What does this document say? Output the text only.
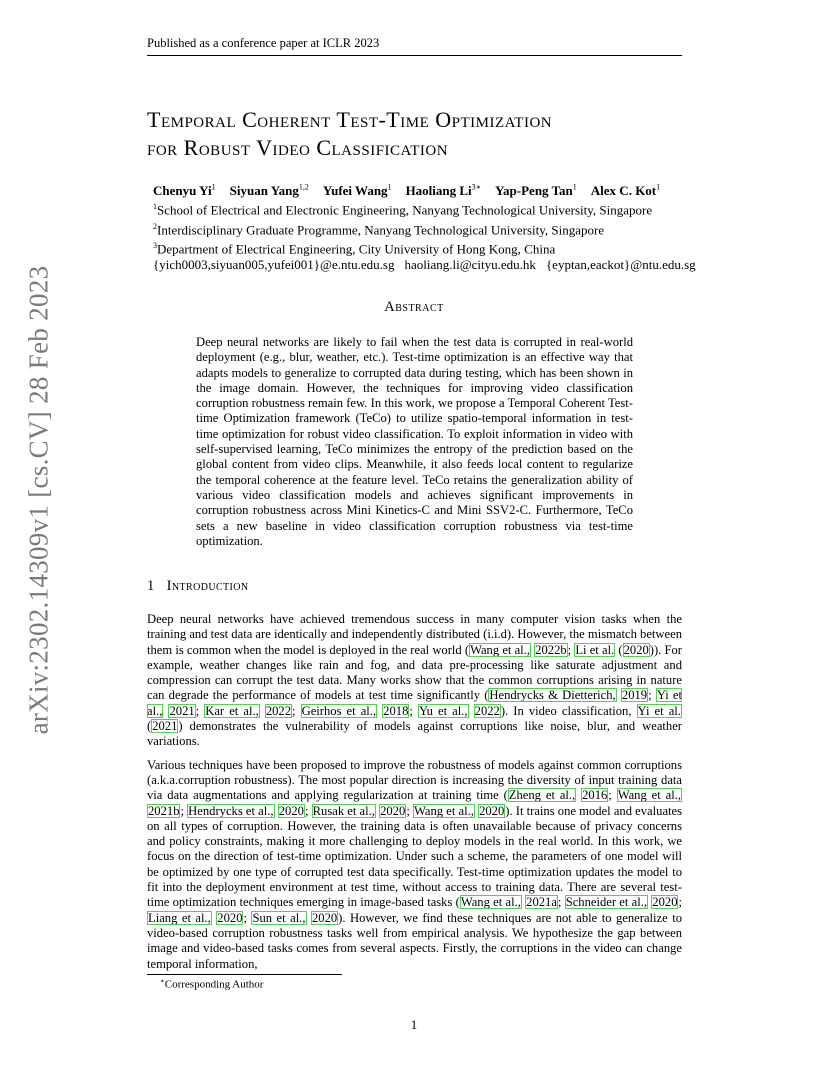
Published as a conference paper at ICLR 2023
arXiv:2302.14309v1 [cs.CV] 28 Feb 2023
Temporal Coherent Test-Time Optimization
for Robust Video Classification
Chenyu Yi$^1$ Siyuan Yang$^{1,2}$ Yufei Wang$^1$ Haoliang $Li^{3∗}$ Yap-Peng Tan$^1$ Alex C. Kot$^1$
$^1$School of Electrical and Electronic Engineering, Nanyang Technological University, Singapore
$^2$Interdisciplinary Graduate Programme, Nanyang Technological University, Singapore
$^3$Department of Electrical Engineering, City University of Hong Kong, China
{yich0003,siyuan005,yufei001}@e.ntu.edu.sg haoliang.li@cityu.edu.hk {eyptan,eackot}@ntu.edu.sg
Abstract
Deep neural networks are likely to fail when the test data is corrupted in real-world deployment (e.g., blur, weather, etc.). Test-time optimization is an effective way that adapts models to generalize to corrupted data during testing, which has been shown in the image domain. However, the techniques for improving video classification corruption robustness remain few. In this work, we propose a Temporal Coherent Test-time Optimization framework (TeCo) to utilize spatio-temporal information in test-time optimization for robust video classification. To exploit information in video with self-supervised learning, TeCo minimizes the entropy of the prediction based on the global content from video clips. Meanwhile, it also feeds local content to regularize the temporal coherence at the feature level. TeCo retains the generalization ability of various video classification models and achieves significant improvements in corruption robustness across Mini Kinetics-C and Mini SSV2-C. Furthermore, TeCo sets a new baseline in video classification corruption robustness via test-time optimization.
1 Introduction

Deep neural networks have achieved tremendous success in many computer vision tasks when the training and test data are identically and independently distributed (i.i.d). However, the mismatch between them is common when the model is deployed in the real world (Wang et al., 2022b; Li et al. (2020)). For example, weather changes like rain and fog, and data pre-processing like saturate adjustment and compression can corrupt the test data. Many works show that the common corruptions arising in nature can degrade the performance of models at test time significantly (Hendrycks & Dietterich, 2019; Yi et al., 2021; Kar et al., 2022; Geirhos et al., 2018; Yu et al., 2022). In video classification, Yi et al. (2021) demonstrates the vulnerability of models against corruptions like noise, blur, and weather variations.

Various techniques have been proposed to improve the robustness of models against common corruptions (a.k.a.corruption robustness). The most popular direction is increasing the diversity of input training data via data augmentations and applying regularization at training time (Zheng et al., 2016; Wang et al., 2021b; Hendrycks et al., 2020; Rusak et al., 2020; Wang et al., 2020). It trains one model and evaluates on all types of corruption. However, the training data is often unavailable because of privacy concerns and policy constraints, making it more challenging to deploy models in the real world. In this work, we focus on the direction of test-time optimization. Under such a scheme, the parameters of one model will be optimized by one type of corrupted test data specifically. Test-time optimization updates the model to fit into the deployment environment at test time, without access to training data. There are several test-time optimization techniques emerging in image-based tasks (Wang et al., 2021a; Schneider et al., 2020; Liang et al., 2020; Sun et al., 2020). However, we find these techniques are not able to generalize to video-based corruption robustness tasks well from empirical analysis. We hypothesize the gap between image and video-based tasks comes from several aspects. Firstly, the corruptions in the video can change temporal information,

∗Corresponding Author
1
